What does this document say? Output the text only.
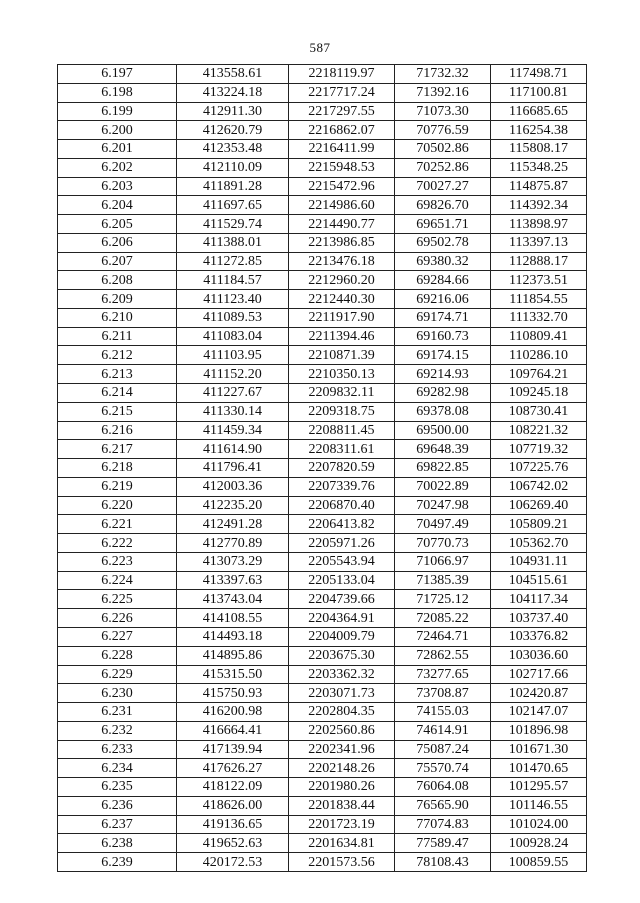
587
6.197	413558.61	2218119.97	71732.32	117498.71
6.198	413224.18	2217717.24	71392.16	117100.81
6.199	412911.30	2217297.55	71073.30	116685.65
6.200	412620.79	2216862.07	70776.59	116254.38
6.201	412353.48	2216411.99	70502.86	115808.17
6.202	412110.09	2215948.53	70252.86	115348.25
6.203	411891.28	2215472.96	70027.27	114875.87
6.204	411697.65	2214986.60	69826.70	114392.34
6.205	411529.74	2214490.77	69651.71	113898.97
6.206	411388.01	2213986.85	69502.78	113397.13
6.207	411272.85	2213476.18	69380.32	112888.17
6.208	411184.57	2212960.20	69284.66	112373.51
6.209	411123.40	2212440.30	69216.06	111854.55
6.210	411089.53	2211917.90	69174.71	111332.70
6.211	411083.04	2211394.46	69160.73	110809.41
6.212	411103.95	2210871.39	69174.15	110286.10
6.213	411152.20	2210350.13	69214.93	109764.21
6.214	411227.67	2209832.11	69282.98	109245.18
6.215	411330.14	2209318.75	69378.08	108730.41
6.216	411459.34	2208811.45	69500.00	108221.32
6.217	411614.90	2208311.61	69648.39	107719.32
6.218	411796.41	2207820.59	69822.85	107225.76
6.219	412003.36	2207339.76	70022.89	106742.02
6.220	412235.20	2206870.40	70247.98	106269.40
6.221	412491.28	2206413.82	70497.49	105809.21
6.222	412770.89	2205971.26	70770.73	105362.70
6.223	413073.29	2205543.94	71066.97	104931.11
6.224	413397.63	2205133.04	71385.39	104515.61
6.225	413743.04	2204739.66	71725.12	104117.34
6.226	414108.55	2204364.91	72085.22	103737.40
6.227	414493.18	2204009.79	72464.71	103376.82
6.228	414895.86	2203675.30	72862.55	103036.60
6.229	415315.50	2203362.32	73277.65	102717.66
6.230	415750.93	2203071.73	73708.87	102420.87
6.231	416200.98	2202804.35	74155.03	102147.07
6.232	416664.41	2202560.86	74614.91	101896.98
6.233	417139.94	2202341.96	75087.24	101671.30
6.234	417626.27	2202148.26	75570.74	101470.65
6.235	418122.09	2201980.26	76064.08	101295.57
6.236	418626.00	2201838.44	76565.90	101146.55
6.237	419136.65	2201723.19	77074.83	101024.00
6.238	419652.63	2201634.81	77589.47	100928.24
6.239	420172.53	2201573.56	78108.43	100859.55
